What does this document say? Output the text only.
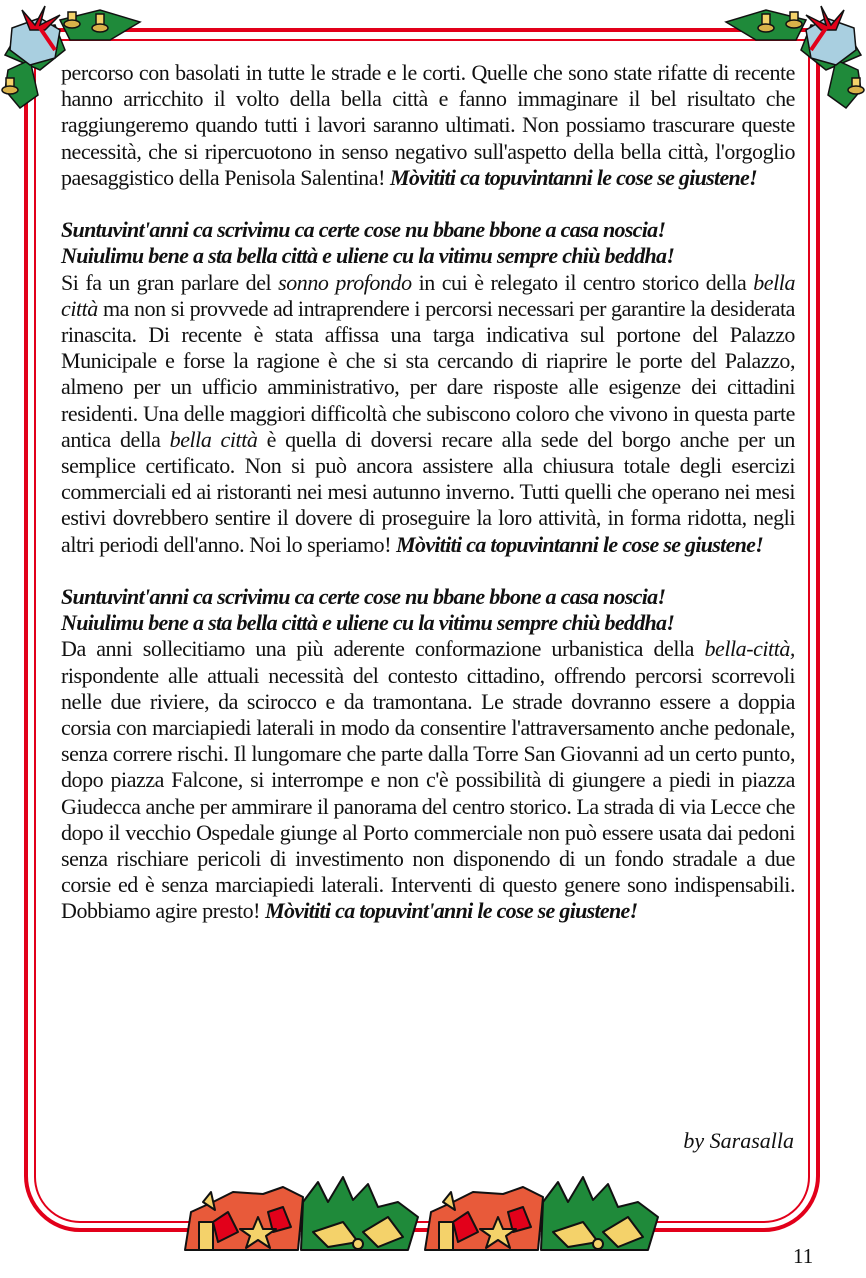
percorso con basolati in tutte le strade e le corti. Quelle che sono state rifatte di recente hanno arricchito il volto della bella città e fanno immaginare il bel risultato che raggiungeremo quando tutti i lavori saranno ultimati. Non possiamo trascurare queste necessità, che si ripercuotono in senso negativo sull'aspetto della bella città, l'orgoglio paesaggistico della Penisola Salentina! Mòvititi ca topuvintanni le cose se giustene!

Suntuvint'anni ca scrivimu ca certe cose nu bbane bbone a casa noscia!
Nuiulimu bene a sta bella città e uliene cu la vitimu sempre chiù beddha!
Si fa un gran parlare del sonno profondo in cui è relegato il centro storico della bella città ma non si provvede ad intraprendere i percorsi necessari per garantire la desiderata rinascita. Di recente è stata affissa una targa indicativa sul portone del Palazzo Municipale e forse la ragione è che si sta cercando di riaprire le porte del Palazzo, almeno per un ufficio amministrativo, per dare risposte alle esigenze dei cittadini residenti. Una delle maggiori difficoltà che subiscono coloro che vivono in questa parte antica della bella città è quella di doversi recare alla sede del borgo anche per un semplice certificato. Non si può ancora assistere alla chiusura totale degli esercizi commerciali ed ai ristoranti nei mesi autunno inverno. Tutti quelli che operano nei mesi estivi dovrebbero sentire il dovere di proseguire la loro attività, in forma ridotta, negli altri periodi dell'anno. Noi lo speriamo! Mòvititi ca topuvintanni le cose se giustene!

Suntuvint'anni ca scrivimu ca certe cose nu bbane bbone a casa noscia!
Nuiulimu bene a sta bella città e uliene cu la vitimu sempre chiù beddha!
Da anni sollecitiamo una più aderente conformazione urbanistica della bella-città, rispondente alle attuali necessità del contesto cittadino, offrendo percorsi scorrevoli nelle due riviere, da scirocco e da tramontana. Le strade dovranno essere a doppia corsia con marciapiedi laterali in modo da consentire l'attraversamento anche pedonale, senza correre rischi. Il lungomare che parte dalla Torre San Giovanni ad un certo punto, dopo piazza Falcone, si interrompe e non c'è possibilità di giungere a piedi in piazza Giudecca anche per ammirare il panorama del centro storico. La strada di via Lecce che dopo il vecchio Ospedale giunge al Porto commerciale non può essere usata dai pedoni senza rischiare pericoli di investimento non disponendo di un fondo stradale a due corsie ed è senza marciapiedi laterali. Interventi di questo genere sono indispensabili. Dobbiamo agire presto! Mòvititi ca topuvint'anni le cose se giustene!

by Sarasalla
11
